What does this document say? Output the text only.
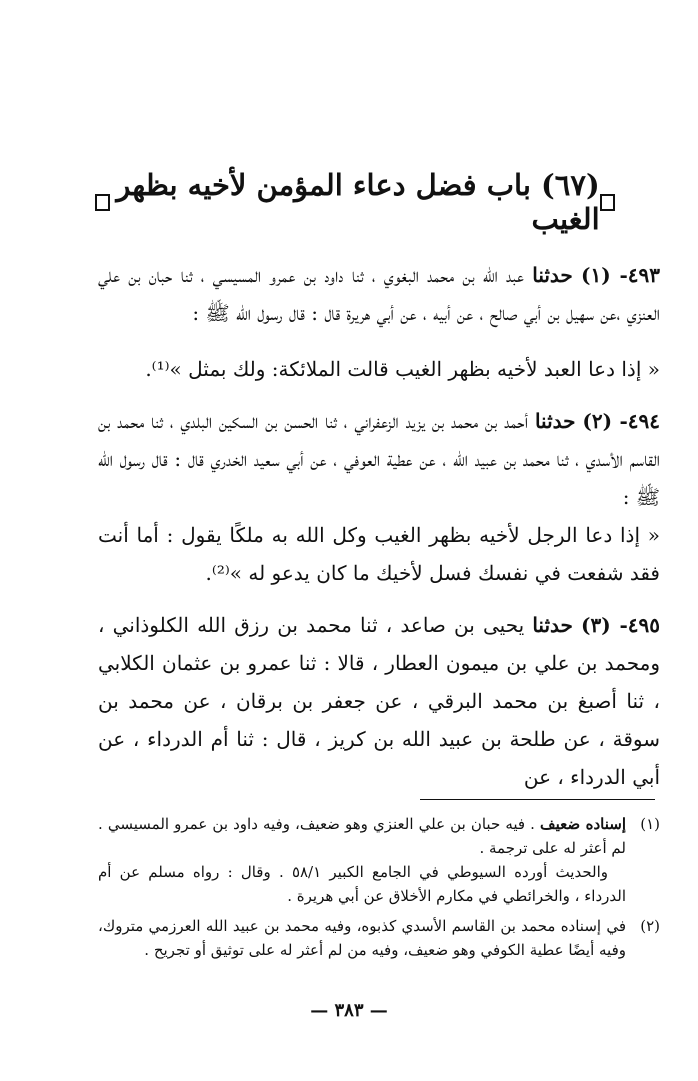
(٦٧) باب فضل دعاء المؤمن لأخيه بظهر الغيب

٤٩٣- (١) حدثنا عبد الله بن محمد البغوي ، ثنا داود بن عمرو المسيسي ، ثنا حبان بن علي العنزي ،عن سهيل بن أبي صالح ، عن أبيه ، عن أبي هريرة قال : قال رسول الله ﷺ :

« إذا دعا العبد لأخيه بظهر الغيب قالت الملائكة: ولك بمثل »⁽¹⁾.

٤٩٤- (٢) حدثنا أحمد بن محمد بن يزيد الزعفراني ، ثنا الحسن بن السكين البلدي ، ثنا محمد بن القاسم الأسدي ، ثنا محمد بن عبيد الله ، عن عطية العوفي ، عن أبي سعيد الخدري قال : قال رسول الله ﷺ :

« إذا دعا الرجل لأخيه بظهر الغيب وكل الله به ملكًا يقول : أما أنت فقد شفعت في نفسك فسل لأخيك ما كان يدعو له »⁽²⁾.

٤٩٥- (٣) حدثنا يحيى بن صاعد ، ثنا محمد بن رزق الله الكلوذاني ، ومحمد بن علي بن ميمون العطار ، قالا : ثنا عمرو بن عثمان الكلابي ، ثنا أصبغ بن محمد البرقي ، عن جعفر بن برقان ، عن محمد بن سوقة ، عن طلحة بن عبيد الله بن كريز ، قال : ثنا أم الدرداء ، عن أبي الدرداء ، عن

(١)

إسناده ضعيف . فيه حبان بن علي العنزي وهو ضعيف، وفيه داود بن عمرو المسيسي . لم أعثر له على ترجمة .

والحديث أورده السيوطي في الجامع الكبير ٥٨/١ . وقال : رواه مسلم عن أم الدرداء ، والخرائطي في مكارم الأخلاق عن أبي هريرة .

(٢)

في إسناده محمد بن القاسم الأسدي كذبوه، وفيه محمد بن عبيد الله العرزمي متروك، وفيه أيضًا عطية الكوفي وهو ضعيف، وفيه من لم أعثر له على توثيق أو تجريح .

— ٣٨٣ —
